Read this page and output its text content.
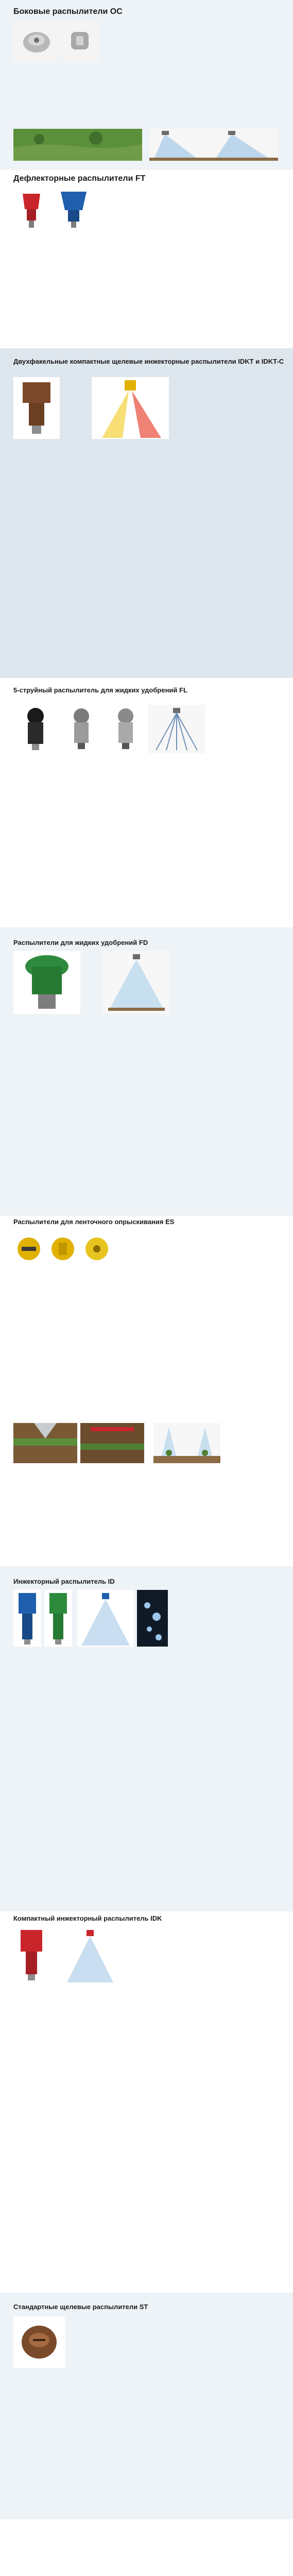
Боковые распылители OC
Дефлекторные распылители FT
Двухфакельные компактные щелевые инжекторные распылители IDKT и IDKT-C
5-струйный распылитель для жидких удобрений FL
Распылители для жидких удобрений FD
Распылители для ленточного опрыскивания ES
Инжекторный распылитель ID
Компактный инжекторный распылитель IDK
Стандартные щелевые распылители ST
